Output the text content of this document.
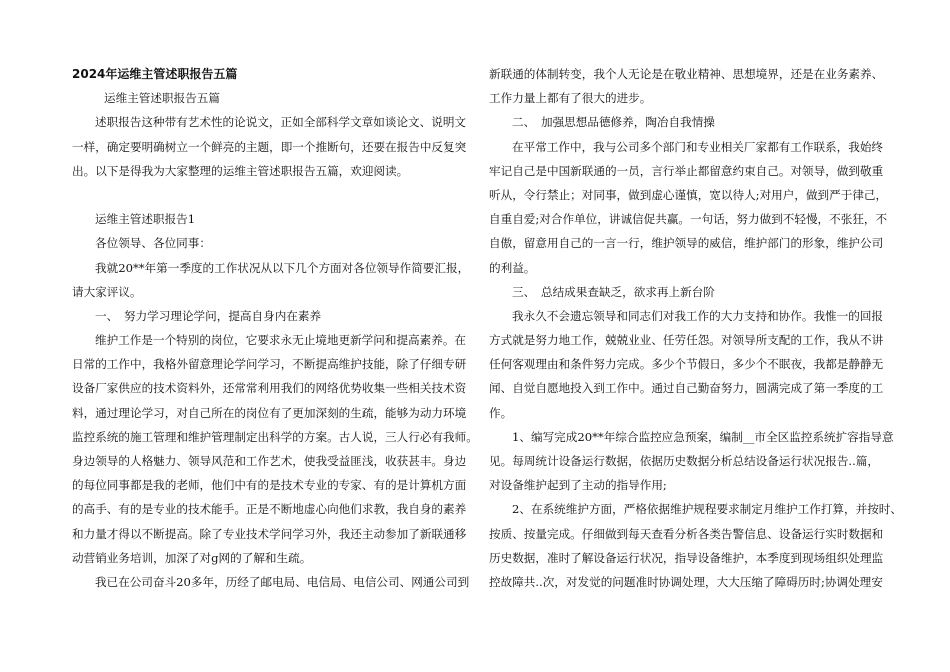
2024年运维主管述职报告五篇
运维主管述职报告五篇
述职报告这种带有艺术性的论说文，正如全部科学文章如谈论文、说明文
一样，确定要明确树立一个鲜亮的主题，即一个推断句，还要在报告中反复突
出。以下是得我为大家整理的运维主管述职报告五篇，欢迎阅读。
运维主管述职报告1
各位领导、各位同事：
我就20**年第一季度的工作状况从以下几个方面对各位领导作简要汇报，
请大家评议。
一、　努力学习理论学问，提高自身内在素养
维护工作是一个特别的岗位，它要求永无止境地更新学问和提高素养。在
日常的工作中，我格外留意理论学问学习，不断提高维护技能，除了仔细专研
设备厂家供应的技术资料外，还常常利用我们的网络优势收集一些相关技术资
料，通过理论学习，对自己所在的岗位有了更加深刻的生疏，能够为动力环境
监控系统的施工管理和维护管理制定出科学的方案。古人说，三人行必有我师。
身边领导的人格魅力、领导风范和工作艺术，使我受益匪浅，收获甚丰。身边
的每位同事都是我的老师，他们中有的是技术专业的专家、有的是计算机方面
的高手、有的是专业的技术能手。正是不断地虚心向他们求教，我自身的素养
和力量才得以不断提高。除了专业技术学问学习外，我还主动参加了新联通移
动营销业务培训，加深了对g网的了解和生疏。
我已在公司奋斗20多年，历经了邮电局、电信局、电信公司、网通公司到
新联通的体制转变，我个人无论是在敬业精神、思想境界，还是在业务素养、
工作力量上都有了很大的进步。
二、　加强思想品德修养，陶冶自我情操
在平常工作中，我与公司多个部门和专业相关厂家都有工作联系，我始终
牢记自己是中国新联通的一员，言行举止都留意约束自己。对领导，做到敬重
听从，令行禁止；对同事，做到虚心谨慎，宽以待人;对用户，做到严于律己，
自重自爱;对合作单位，讲诚信促共赢。一句话，努力做到不轻慢，不张狂，不
自傲，留意用自己的一言一行，维护领导的威信，维护部门的形象，维护公司
的利益。
三、　总结成果查缺乏，欲求再上新台阶
我永久不会遗忘领导和同志们对我工作的大力支持和协作。我惟一的回报
方式就是努力地工作，兢兢业业、任劳任怨。对领导所支配的工作，我从不讲
任何客观理由和条件努力完成。多少个节假日，多少个不眠夜，我都是静静无
闻、自觉自愿地投入到工作中。通过自己勤奋努力，圆满完成了第一季度的工
作。
1、编写完成20**年综合监控应急预案，编制__市全区监控系统扩容指导意
见。每周统计设备运行数据，依据历史数据分析总结设备运行状况报告..篇，
对设备维护起到了主动的指导作用;
2、在系统维护方面，严格依据维护规程要求制定月维护工作打算，并按时、
按质、按量完成。仔细做到每天查看分析各类告警信息、设备运行实时数据和
历史数据，准时了解设备运行状况，指导设备维护，本季度到现场组织处理监
控故障共..次，对发觉的问题准时协调处理，大大压缩了障碍历时;协调处理安
